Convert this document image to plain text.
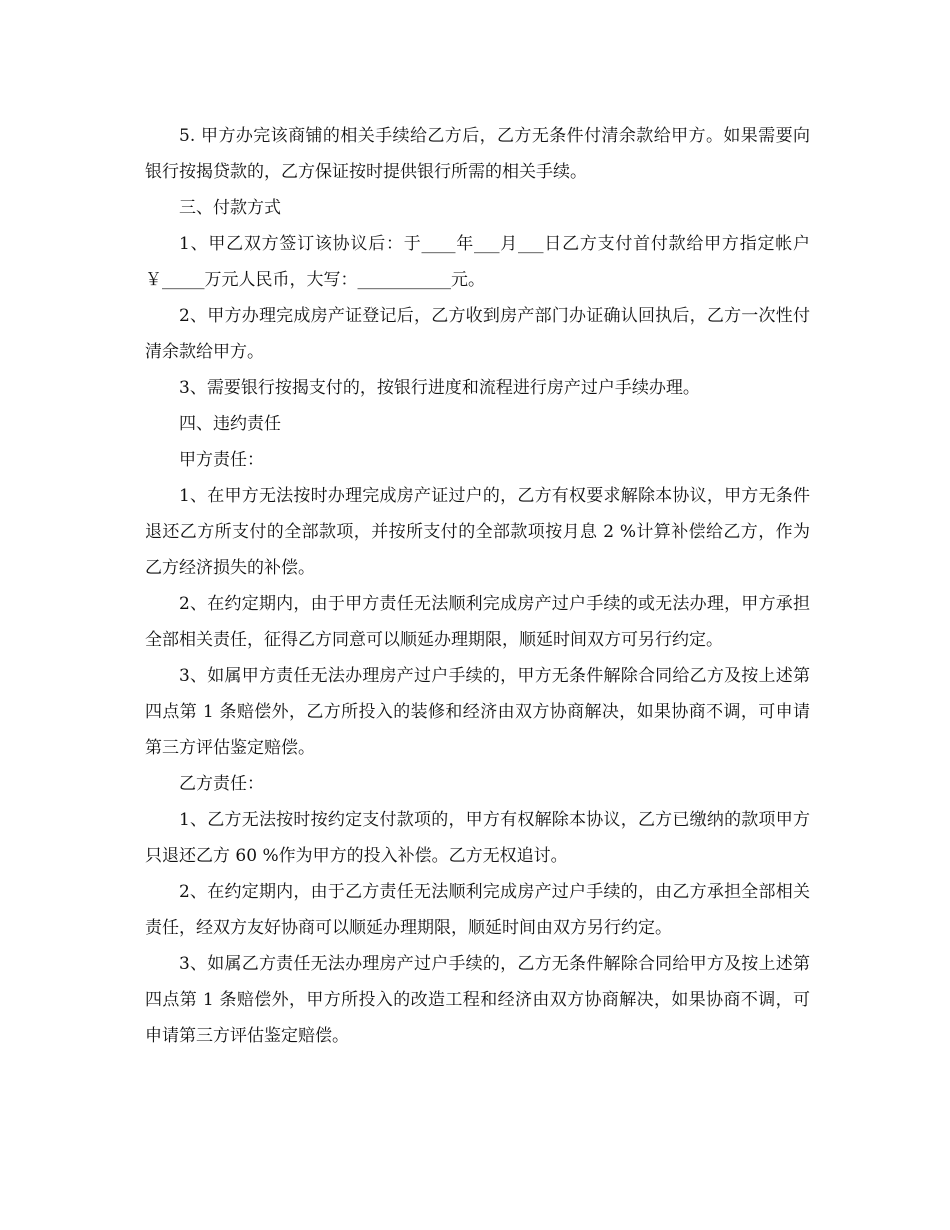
5. 甲方办完该商铺的相关手续给乙方后，乙方无条件付清余款给甲方。如果需要向银行按揭贷款的，乙方保证按时提供银行所需的相关手续。

三、付款方式

1、甲乙双方签订该协议后：于____年___月___日乙方支付首付款给甲方指定帐户￥_____万元人民币，大写：___________元。

2、甲方办理完成房产证登记后，乙方收到房产部门办证确认回执后，乙方一次性付清余款给甲方。

3、需要银行按揭支付的，按银行进度和流程进行房产过户手续办理。

四、违约责任

甲方责任：

1、在甲方无法按时办理完成房产证过户的，乙方有权要求解除本协议，甲方无条件退还乙方所支付的全部款项，并按所支付的全部款项按月息 2 %计算补偿给乙方，作为乙方经济损失的补偿。

2、在约定期内，由于甲方责任无法顺利完成房产过户手续的或无法办理，甲方承担全部相关责任，征得乙方同意可以顺延办理期限，顺延时间双方可另行约定。

3、如属甲方责任无法办理房产过户手续的，甲方无条件解除合同给乙方及按上述第四点第 1 条赔偿外，乙方所投入的装修和经济由双方协商解决，如果协商不调，可申请第三方评估鉴定赔偿。

乙方责任：

1、乙方无法按时按约定支付款项的，甲方有权解除本协议，乙方已缴纳的款项甲方只退还乙方 60 %作为甲方的投入补偿。乙方无权追讨。

2、在约定期内，由于乙方责任无法顺利完成房产过户手续的，由乙方承担全部相关责任，经双方友好协商可以顺延办理期限，顺延时间由双方另行约定。

3、如属乙方责任无法办理房产过户手续的，乙方无条件解除合同给甲方及按上述第四点第 1 条赔偿外，甲方所投入的改造工程和经济由双方协商解决，如果协商不调，可申请第三方评估鉴定赔偿。
